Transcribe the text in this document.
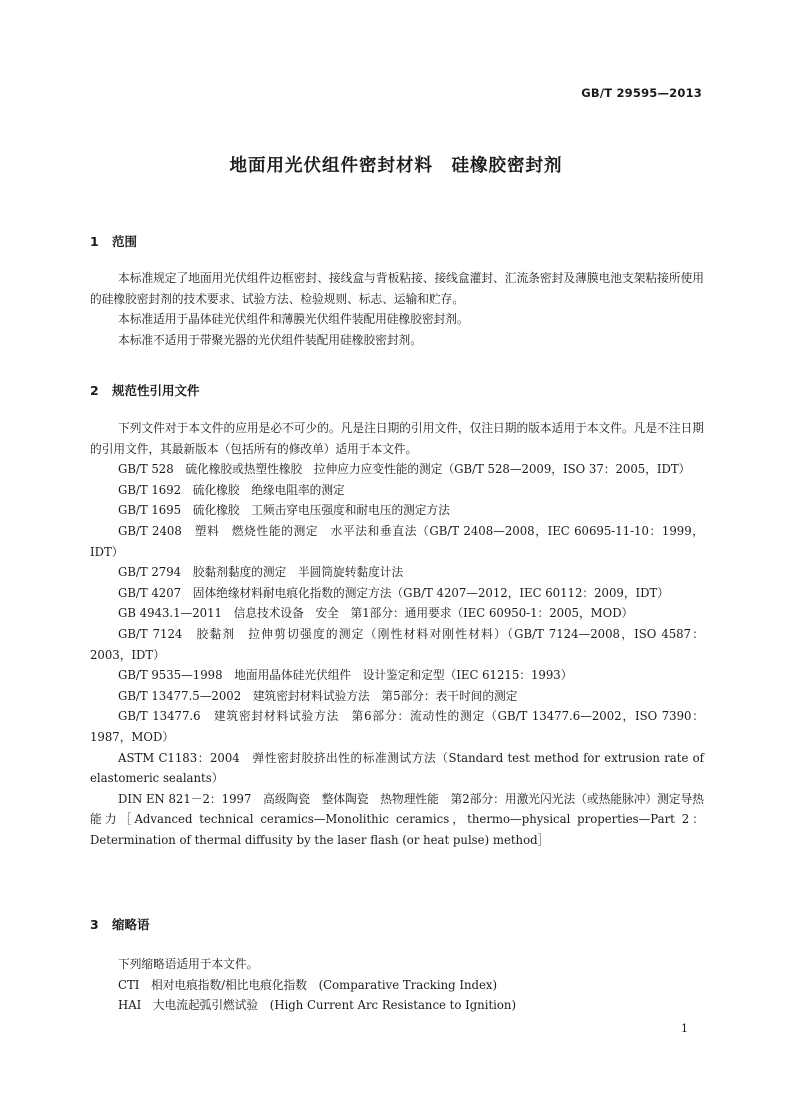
GB/T 29595—2013
地面用光伏组件密封材料　硅橡胶密封剂
1 范围

本标准规定了地面用光伏组件边框密封、接线盒与背板粘接、接线盒灌封、汇流条密封及薄膜电池支架粘接所使用的硅橡胶密封剂的技术要求、试验方法、检验规则、标志、运输和贮存。

本标准适用于晶体硅光伏组件和薄膜光伏组件装配用硅橡胶密封剂。

本标准不适用于带聚光器的光伏组件装配用硅橡胶密封剂。

2 规范性引用文件

下列文件对于本文件的应用是必不可少的。凡是注日期的引用文件，仅注日期的版本适用于本文件。凡是不注日期的引用文件，其最新版本（包括所有的修改单）适用于本文件。

GB/T 528　硫化橡胶或热塑性橡胶　拉伸应力应变性能的测定（GB/T 528—2009，ISO 37：2005，IDT）

GB/T 1692　硫化橡胶　绝缘电阻率的测定

GB/T 1695　硫化橡胶　工频击穿电压强度和耐电压的测定方法

GB/T 2408　塑料　燃烧性能的测定　水平法和垂直法（GB/T 2408—2008，IEC 60695-11-10：1999，IDT）

GB/T 2794　胶黏剂黏度的测定　半圆筒旋转黏度计法

GB/T 4207　固体绝缘材料耐电痕化指数的测定方法（GB/T 4207—2012，IEC 60112：2009，IDT）

GB 4943.1—2011　信息技术设备　安全　第1部分：通用要求（IEC 60950-1：2005，MOD）

GB/T 7124　胶黏剂　拉伸剪切强度的测定（刚性材料对刚性材料）（GB/T 7124—2008，ISO 4587：2003，IDT）

GB/T 9535—1998　地面用晶体硅光伏组件　设计鉴定和定型（IEC 61215：1993）

GB/T 13477.5—2002　建筑密封材料试验方法　第5部分：表干时间的测定

GB/T 13477.6　建筑密封材料试验方法　第6部分：流动性的测定（GB/T 13477.6—2002，ISO 7390：1987，MOD）

ASTM C1183：2004　弹性密封胶挤出性的标准测试方法（Standard test method for extrusion rate of elastomeric sealants）

DIN EN 821－2：1997　高级陶瓷　整体陶瓷　热物理性能　第2部分：用激光闪光法（或热能脉冲）测定导热能力［Advanced technical ceramics—Monolithic ceramics，thermo—physical properties—Part 2：Determination of thermal diffusity by the laser flash (or heat pulse) method］

3 缩略语

下列缩略语适用于本文件。

CTI　相对电痕指数/相比电痕化指数　(Comparative Tracking Index)

HAI　大电流起弧引燃试验　(High Current Arc Resistance to Ignition)

1
